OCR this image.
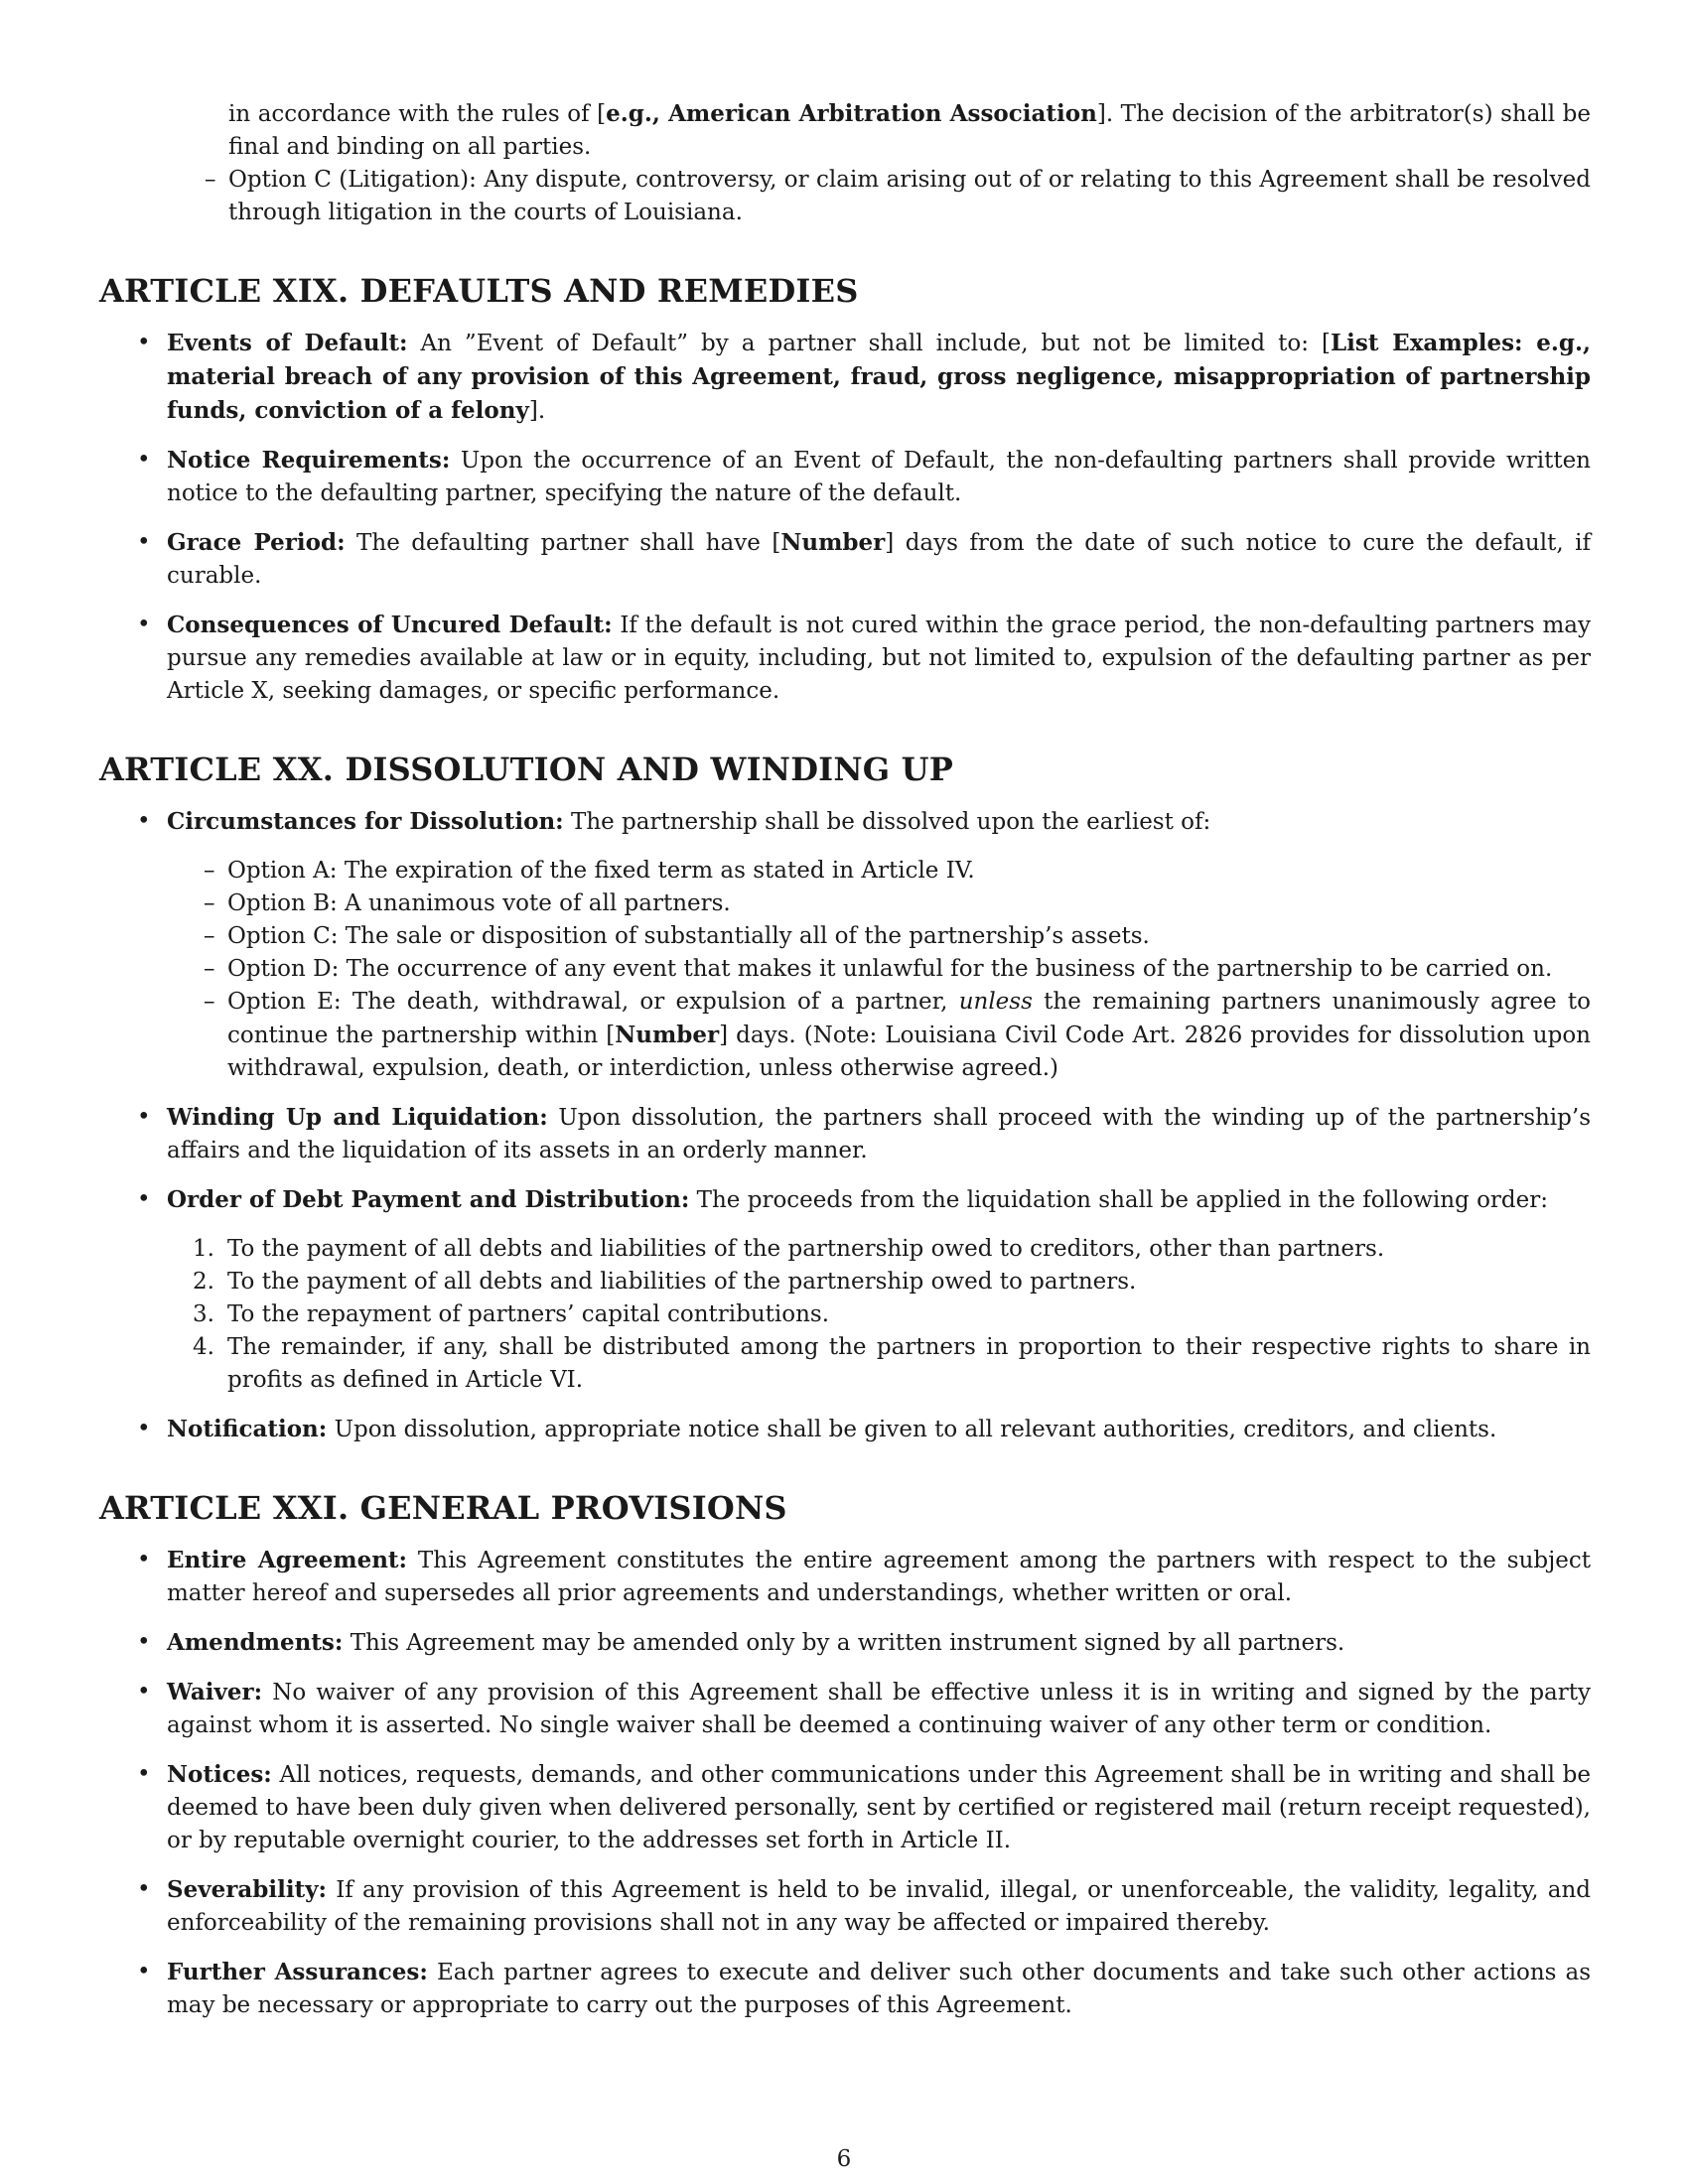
in accordance with the rules of [e.g., American Arbitration Association]. The decision of the arbitrator(s) shall be final and binding on all parties.

– Option C (Litigation): Any dispute, controversy, or claim arising out of or relating to this Agreement shall be resolved through litigation in the courts of Louisiana.

ARTICLE XIX. DEFAULTS AND REMEDIES
• Events of Default: An ”Event of Default” by a partner shall include, but not be limited to: [List Examples: e.g., material breach of any provision of this Agreement, fraud, gross negligence, misappropriation of partnership funds, conviction of a felony].
• Notice Requirements: Upon the occurrence of an Event of Default, the non-defaulting partners shall provide written notice to the defaulting partner, specifying the nature of the default.
• Grace Period: The defaulting partner shall have [Number] days from the date of such notice to cure the default, if curable.
• Consequences of Uncured Default: If the default is not cured within the grace period, the non-defaulting partners may pursue any remedies available at law or in equity, including, but not limited to, expulsion of the defaulting partner as per Article X, seeking damages, or specific performance.
ARTICLE XX. DISSOLUTION AND WINDING UP
• Circumstances for Dissolution: The partnership shall be dissolved upon the earliest of:
– Option A: The expiration of the fixed term as stated in Article IV.
– Option B: A unanimous vote of all partners.
– Option C: The sale or disposition of substantially all of the partnership’s assets.
– Option D: The occurrence of any event that makes it unlawful for the business of the partnership to be carried on.
– Option E: The death, withdrawal, or expulsion of a partner, unless the remaining partners unanimously agree to continue the partnership within [Number] days. (Note: Louisiana Civil Code Art. 2826 provides for dissolution upon withdrawal, expulsion, death, or interdiction, unless otherwise agreed.)
• Winding Up and Liquidation: Upon dissolution, the partners shall proceed with the winding up of the partnership’s affairs and the liquidation of its assets in an orderly manner.
• Order of Debt Payment and Distribution: The proceeds from the liquidation shall be applied in the following order:
1. To the payment of all debts and liabilities of the partnership owed to creditors, other than partners.
2. To the payment of all debts and liabilities of the partnership owed to partners.
3. To the repayment of partners’ capital contributions.
4. The remainder, if any, shall be distributed among the partners in proportion to their respective rights to share in profits as defined in Article VI.
• Notification: Upon dissolution, appropriate notice shall be given to all relevant authorities, creditors, and clients.
ARTICLE XXI. GENERAL PROVISIONS
• Entire Agreement: This Agreement constitutes the entire agreement among the partners with respect to the subject matter hereof and supersedes all prior agreements and understandings, whether written or oral.
• Amendments: This Agreement may be amended only by a written instrument signed by all partners.
• Waiver: No waiver of any provision of this Agreement shall be effective unless it is in writing and signed by the party against whom it is asserted. No single waiver shall be deemed a continuing waiver of any other term or condition.
• Notices: All notices, requests, demands, and other communications under this Agreement shall be in writing and shall be deemed to have been duly given when delivered personally, sent by certified or registered mail (return receipt requested), or by reputable overnight courier, to the addresses set forth in Article II.
• Severability: If any provision of this Agreement is held to be invalid, illegal, or unenforceable, the validity, legality, and enforceability of the remaining provisions shall not in any way be affected or impaired thereby.
• Further Assurances: Each partner agrees to execute and deliver such other documents and take such other actions as may be necessary or appropriate to carry out the purposes of this Agreement.
6
